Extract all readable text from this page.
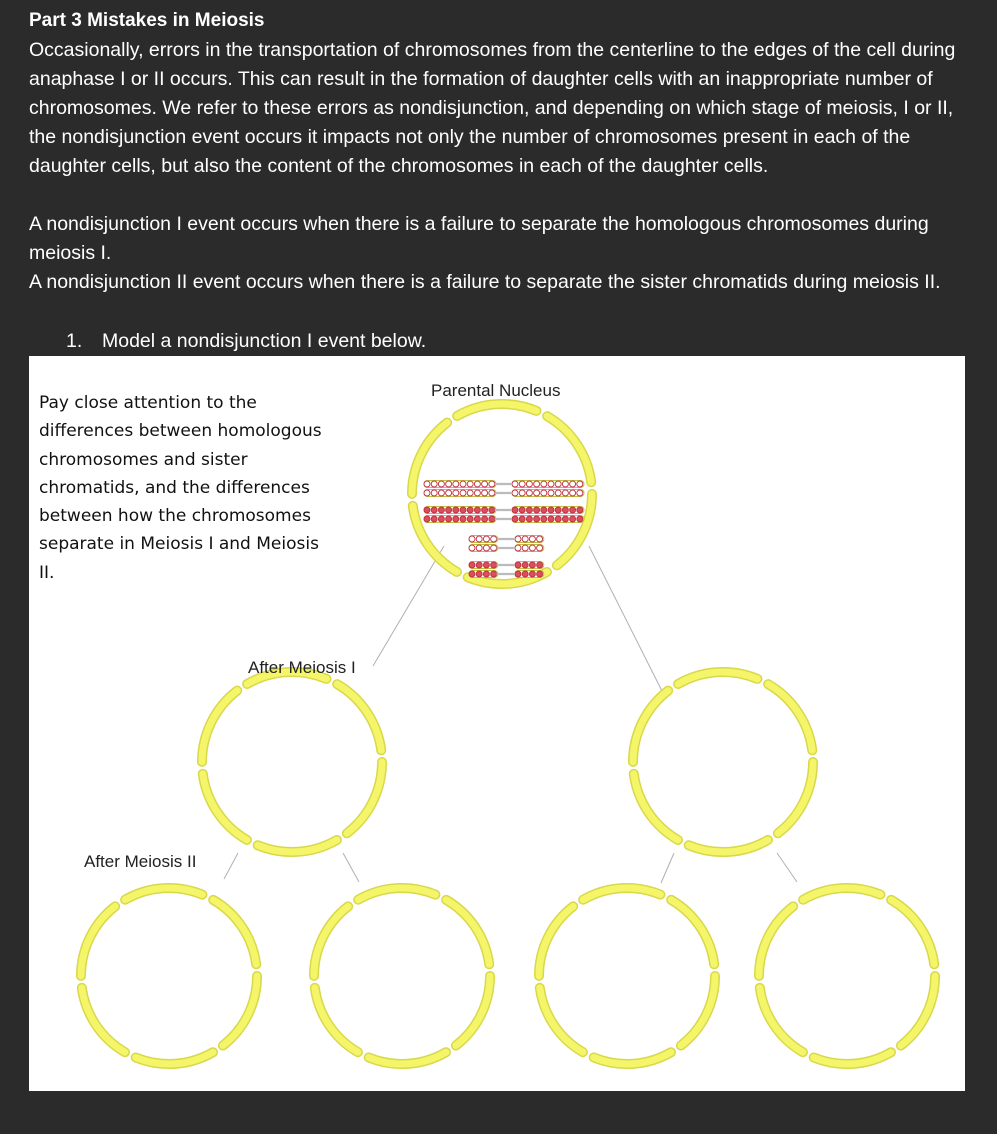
Part 3 Mistakes in Meiosis

Occasionally, errors in the transportation of chromosomes from the centerline to the edges of the cell during anaphase I or II occurs. This can result in the formation of daughter cells with an inappropriate number of chromosomes. We refer to these errors as nondisjunction, and depending on which stage of meiosis, I or II, the nondisjunction event occurs it impacts not only the number of chromosomes present in each of the daughter cells, but also the content of the chromosomes in each of the daughter cells.

A nondisjunction I event occurs when there is a failure to separate the homologous chromosomes during meiosis I.

A nondisjunction II event occurs when there is a failure to separate the sister chromatids during meiosis II.

1. Model a nondisjunction I event below.
Pay close attention to the differences between homologous chromosomes and sister chromatids, and the differences between how the chromosomes separate in Meiosis I and Meiosis II.
Parental Nucleus
After Meiosis I
After Meiosis II
